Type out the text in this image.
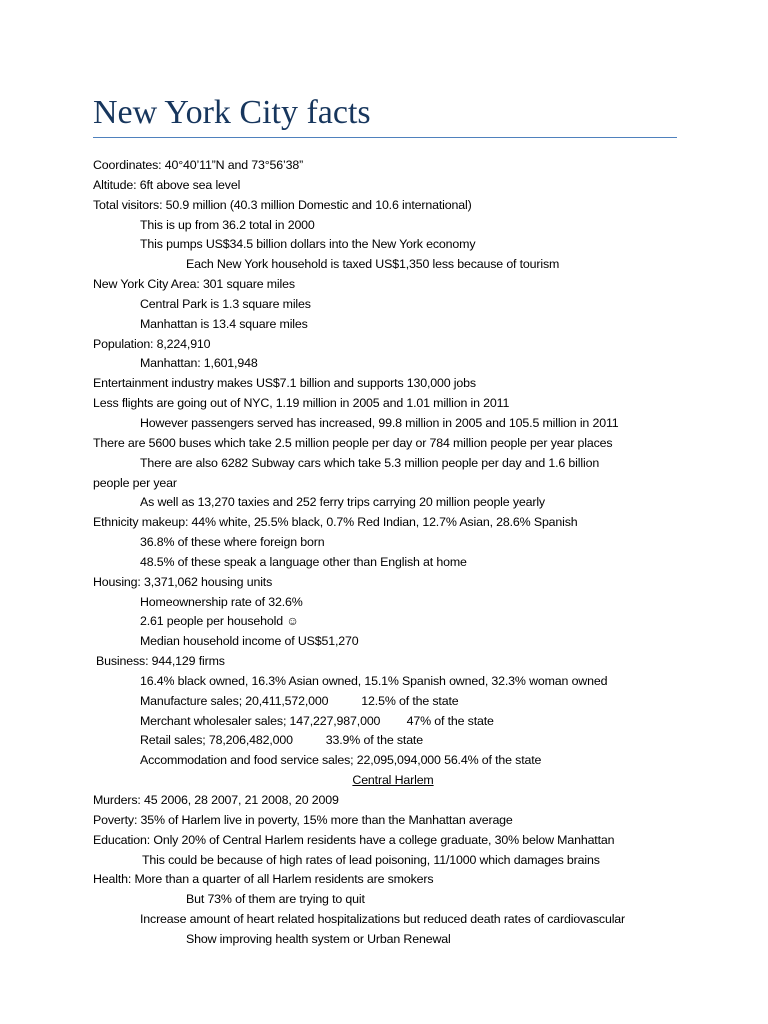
New York City facts
Coordinates: 40°40’11”N and 73°56’38”
Altitude: 6ft above sea level
Total visitors: 50.9 million (40.3 million Domestic and 10.6 international)
This is up from 36.2 total in 2000
This pumps US$34.5 billion dollars into the New York economy
Each New York household is taxed US$1,350 less because of tourism
New York City Area: 301 square miles
Central Park is 1.3 square miles
Manhattan is 13.4 square miles
Population: 8,224,910
Manhattan: 1,601,948
Entertainment industry makes US$7.1 billion and supports 130,000 jobs
Less flights are going out of NYC, 1.19 million in 2005 and 1.01 million in 2011
However passengers served has increased, 99.8 million in 2005 and 105.5 million in 2011
There are 5600 buses which take 2.5 million people per day or 784 million people per year places
There are also 6282 Subway cars which take 5.3 million people per day and 1.6 billion
people per year
As well as 13,270 taxies and 252 ferry trips carrying 20 million people yearly
Ethnicity makeup: 44% white, 25.5% black, 0.7% Red Indian, 12.7% Asian, 28.6% Spanish
36.8% of these where foreign born
48.5% of these speak a language other than English at home
Housing: 3,371,062 housing units
Homeownership rate of 32.6%
2.61 people per household ☺
Median household income of US$51,270
Business: 944,129 firms
16.4% black owned, 16.3% Asian owned, 15.1% Spanish owned, 32.3% woman owned
Manufacture sales; 20,411,572,000          12.5% of the state
Merchant wholesaler sales; 147,227,987,000        47% of the state
Retail sales; 78,206,482,000          33.9% of the state
Accommodation and food service sales; 22,095,094,000 56.4% of the state
Central Harlem
Murders: 45 2006, 28 2007, 21 2008, 20 2009
Poverty: 35% of Harlem live in poverty, 15% more than the Manhattan average
Education: Only 20% of Central Harlem residents have a college graduate, 30% below Manhattan
This could be because of high rates of lead poisoning, 11/1000 which damages brains
Health: More than a quarter of all Harlem residents are smokers
But 73% of them are trying to quit
Increase amount of heart related hospitalizations but reduced death rates of cardiovascular
Show improving health system or Urban Renewal
